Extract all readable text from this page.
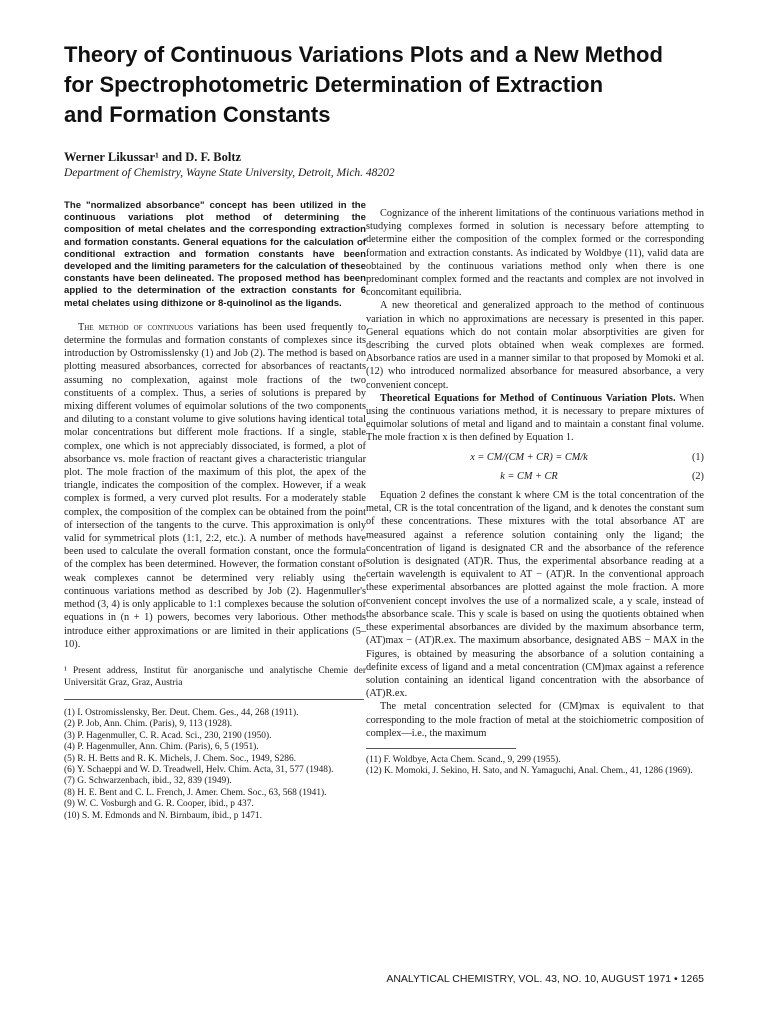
Theory of Continuous Variations Plots and a New Method
for Spectrophotometric Determination of Extraction
and Formation Constants
Werner Likussar¹ and D. F. Boltz
Department of Chemistry, Wayne State University, Detroit, Mich. 48202
The "normalized absorbance" concept has been utilized in the continuous variations plot method of determining the composition of metal chelates and the corresponding extraction and formation constants. General equations for the calculation of conditional extraction and formation constants have been developed and the limiting parameters for the calculation of these constants have been delineated. The proposed method has been applied to the determination of the extraction constants for 6 metal chelates using dithizone or 8-quinolinol as the ligands.

The method of continuous variations has been used frequently to determine the formulas and formation constants of complexes since its introduction by Ostromisslensky (1) and Job (2). The method is based on plotting measured absorbances, corrected for absorbances of reactants assuming no complexation, against mole fractions of the two constituents of a complex. Thus, a series of solutions is prepared by mixing different volumes of equimolar solutions of the two components and diluting to a constant volume to give solutions having identical total molar concentrations but different mole fractions. If a single, stable complex, one which is not appreciably dissociated, is formed, a plot of absorbance vs. mole fraction of reactant gives a characteristic triangular plot. The mole fraction of the maximum of this plot, the apex of the triangle, indicates the composition of the complex. However, if a weak complex is formed, a very curved plot results. For a moderately stable complex, the composition of the complex can be obtained from the point of intersection of the tangents to the curve. This approximation is only valid for symmetrical plots (1:1, 2:2, etc.). A number of methods have been used to calculate the overall formation constant, once the formula of the complex has been determined. However, the formation constant of weak complexes cannot be determined very reliably using the continuous variations method as described by Job (2). Hagenmuller's method (3, 4) is only applicable to 1:1 complexes because the solution of equations in (n + 1) powers, becomes very laborious. Other methods introduce either approximations or are limited in their applications (5–10).

¹ Present address, Institut für anorganische und analytische Chemie der Universität Graz, Graz, Austria
(1) I. Ostromisslensky, Ber. Deut. Chem. Ges., 44, 268 (1911).
(2) P. Job, Ann. Chim. (Paris), 9, 113 (1928).
(3) P. Hagenmuller, C. R. Acad. Sci., 230, 2190 (1950).
(4) P. Hagenmuller, Ann. Chim. (Paris), 6, 5 (1951).
(5) R. H. Betts and R. K. Michels, J. Chem. Soc., 1949, S286.
(6) Y. Schaeppi and W. D. Treadwell, Helv. Chim. Acta, 31, 577 (1948).
(7) G. Schwarzenbach, ibid., 32, 839 (1949).
(8) H. E. Bent and C. L. French, J. Amer. Chem. Soc., 63, 568 (1941).
(9) W. C. Vosburgh and G. R. Cooper, ibid., p 437.
(10) S. M. Edmonds and N. Birnbaum, ibid., p 1471.

Cognizance of the inherent limitations of the continuous variations method in studying complexes formed in solution is necessary before attempting to determine either the composition of the complex formed or the corresponding formation and extraction constants. As indicated by Woldbye (11), valid data are obtained by the continuous variations method only when there is one predominant complex formed and the reactants and complex are not involved in concomitant equilibria.

A new theoretical and generalized approach to the method of continuous variation in which no approximations are necessary is presented in this paper. General equations which do not contain molar absorptivities are given for describing the curved plots obtained when weak complexes are formed. Absorbance ratios are used in a manner similar to that proposed by Momoki et al. (12) who introduced normalized absorbance for measured absorbance, a very convenient concept.

Theoretical Equations for Method of Continuous Variation Plots. When using the continuous variations method, it is necessary to prepare mixtures of equimolar solutions of metal and ligand and to maintain a constant final volume. The mole fraction x is then defined by Equation 1.

x = CM/(CM + CR) = CM/k	(1)
k = CM + CR	(2)

Equation 2 defines the constant k where CM is the total concentration of the metal, CR is the total concentration of the ligand, and k denotes the constant sum of these concentrations. These mixtures with the total absorbance AT are measured against a reference solution containing only the ligand; the concentration of ligand is designated CR and the absorbance of the reference solution is designated (AT)R. Thus, the experimental absorbance reading at a certain wavelength is equivalent to AT − (AT)R. In the conventional approach these experimental absorbances are plotted against the mole fraction. A more convenient concept involves the use of a normalized scale, a y scale, instead of the absorbance scale. This y scale is based on using the quotients obtained when these experimental absorbances are divided by the maximum absorbance term, (AT)max − (AT)R.ex. The maximum absorbance, designated ABS − MAX in the Figures, is obtained by measuring the absorbance of a solution containing a definite excess of ligand and a metal concentration (CM)max against a reference solution containing an identical ligand concentration with the absorbance of (AT)R.ex.

The metal concentration selected for (CM)max is equivalent to that corresponding to the mole fraction of metal at the stoichiometric composition of complex—i.e., the maximum

(11) F. Woldbye, Acta Chem. Scand., 9, 299 (1955).
(12) K. Momoki, J. Sekino, H. Sato, and N. Yamaguchi, Anal. Chem., 41, 1286 (1969).
ANALYTICAL CHEMISTRY, VOL. 43, NO. 10, AUGUST 1971 • 1265
